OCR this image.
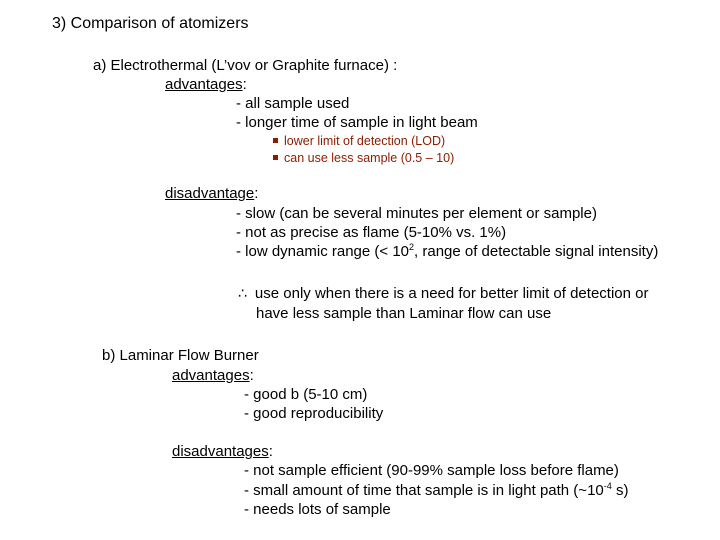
3) Comparison of atomizers
a) Electrothermal (L’vov or Graphite furnace) :
advantages:
- all sample used
- longer time of sample in light beam
lower limit of detection (LOD)
can use less sample (0.5 – 10)
disadvantage:
- slow (can be several minutes per element or sample)
- not as precise as flame (5-10% vs. 1%)
- low dynamic range (< $10^2$, range of detectable signal intensity)
∴ use only when there is a need for better limit of detection or
have less sample than Laminar flow can use
b) Laminar Flow Burner
advantages:
- good b (5-10 cm)
- good reproducibility
disadvantages:
- not sample efficient (90-99% sample loss before flame)
- small amount of time that sample is in light path ($\sim 10^{-4}$ s)
- needs lots of sample
